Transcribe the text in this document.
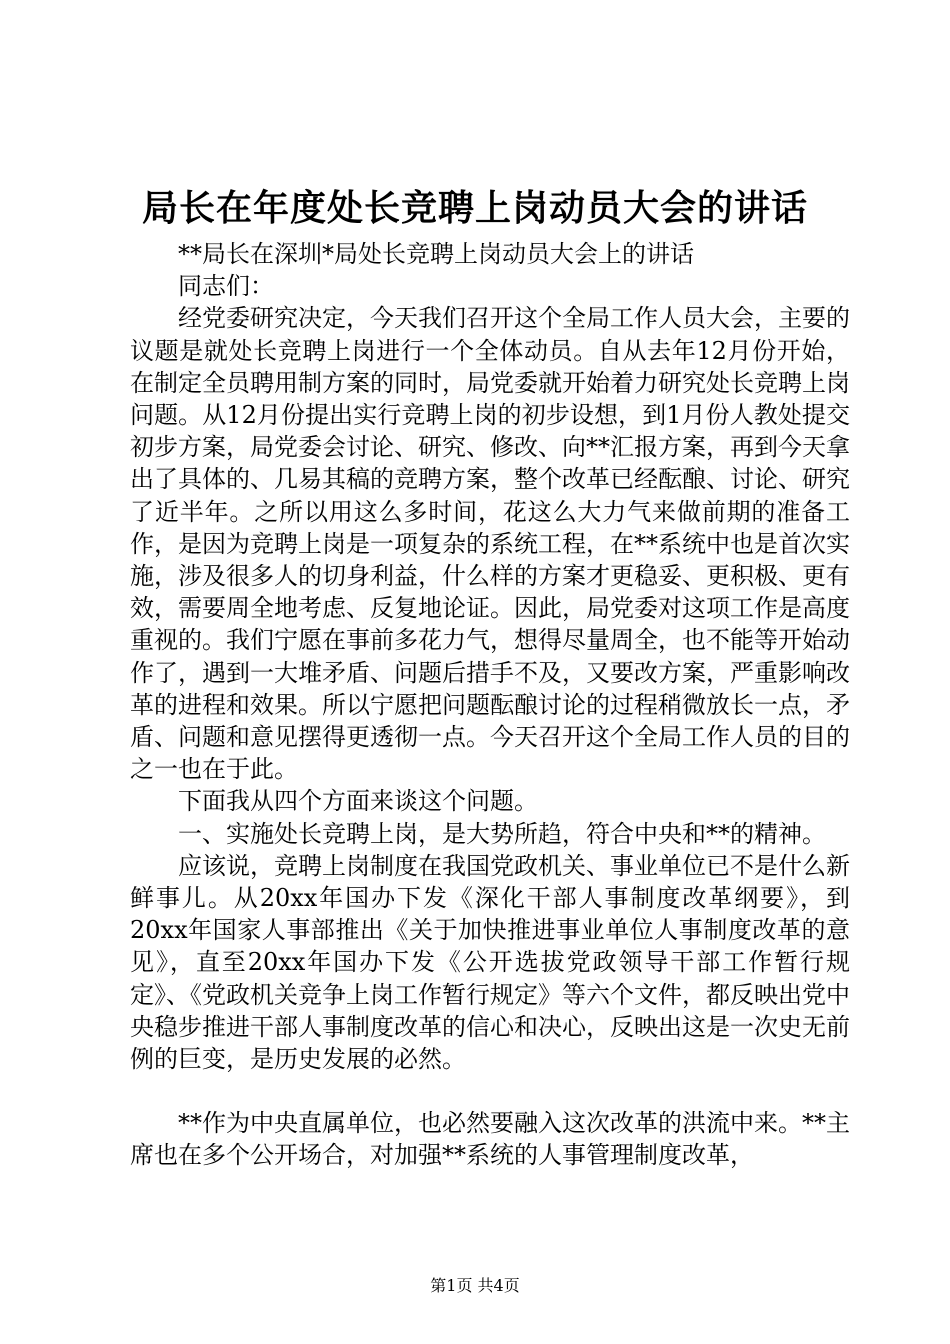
局长在年度处长竞聘上岗动员大会的讲话

**局长在深圳*局处长竞聘上岗动员大会上的讲话

同志们：

经党委研究决定，今天我们召开这个全局工作人员大会，主要的议题是就处长竞聘上岗进行一个全体动员。自从去年12月份开始，在制定全员聘用制方案的同时，局党委就开始着力研究处长竞聘上岗问题。从12月份提出实行竞聘上岗的初步设想，到1月份人教处提交初步方案，局党委会讨论、研究、修改、向**汇报方案，再到今天拿出了具体的、几易其稿的竞聘方案，整个改革已经酝酿、讨论、研究了近半年。之所以用这么多时间，花这么大力气来做前期的准备工作，是因为竞聘上岗是一项复杂的系统工程，在**系统中也是首次实施，涉及很多人的切身利益，什么样的方案才更稳妥、更积极、更有效，需要周全地考虑、反复地论证。因此，局党委对这项工作是高度重视的。我们宁愿在事前多花力气，想得尽量周全，也不能等开始动作了，遇到一大堆矛盾、问题后措手不及，又要改方案，严重影响改革的进程和效果。所以宁愿把问题酝酿讨论的过程稍微放长一点，矛盾、问题和意见摆得更透彻一点。今天召开这个全局工作人员的目的之一也在于此。

下面我从四个方面来谈这个问题。

一、实施处长竞聘上岗，是大势所趋，符合中央和**的精神。

应该说，竞聘上岗制度在我国党政机关、事业单位已不是什么新鲜事儿。从20xx年国办下发《深化干部人事制度改革纲要》，到20xx年国家人事部推出《关于加快推进事业单位人事制度改革的意见》，直至20xx年国办下发《公开选拔党政领导干部工作暂行规定》、《党政机关竞争上岗工作暂行规定》等六个文件，都反映出党中央稳步推进干部人事制度改革的信心和决心，反映出这是一次史无前例的巨变，是历史发展的必然。

**作为中央直属单位，也必然要融入这次改革的洪流中来。**主席也在多个公开场合，对加强**系统的人事管理制度改革，

第1页 共4页
